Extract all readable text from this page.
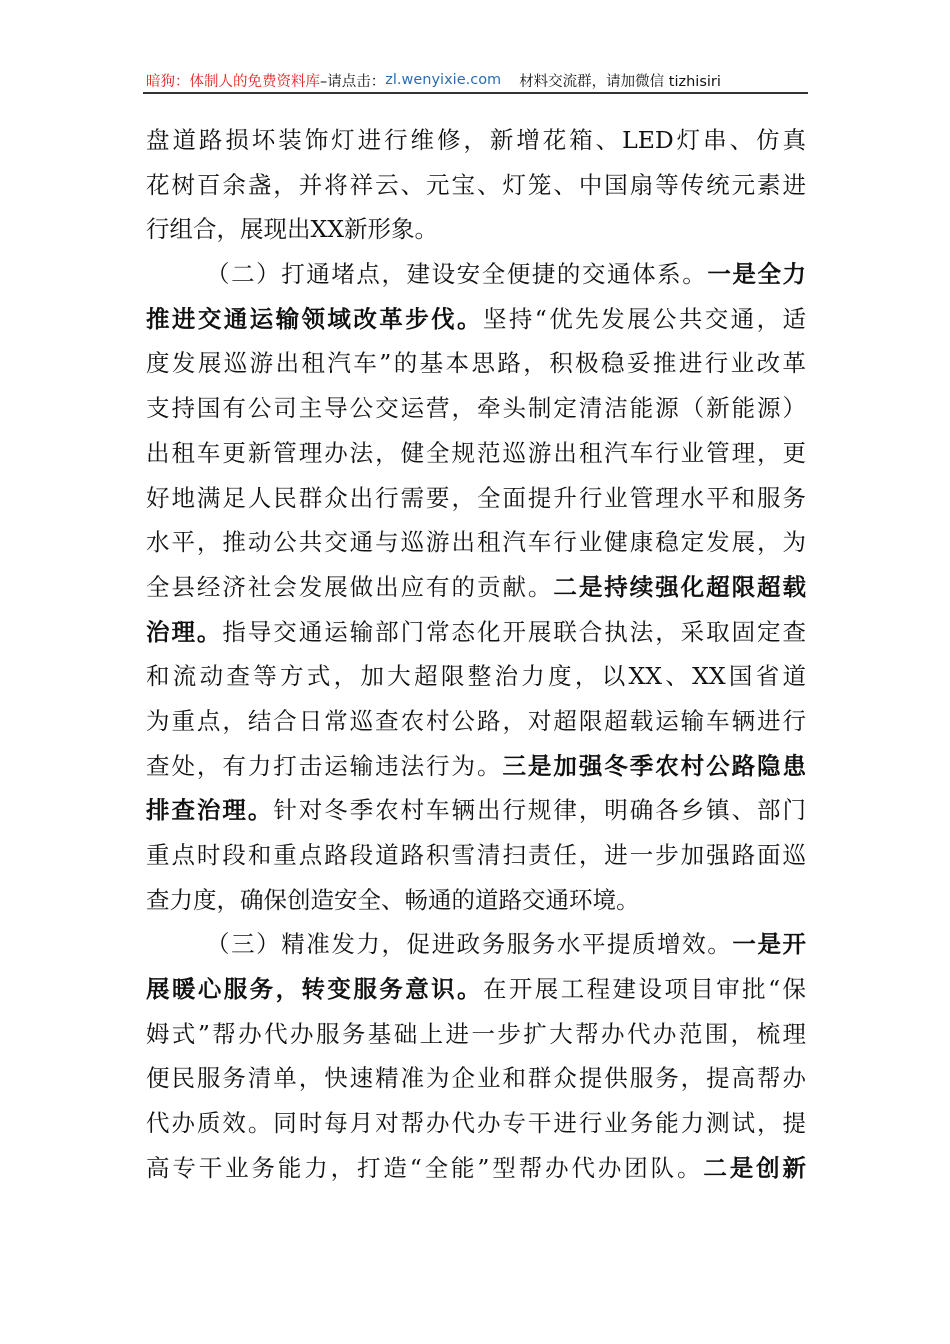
暗狗：体制人的免费资料库 –请点击： zl.wenyixie.com 材料交流群，请加微信 tizhisiri
盘道路损坏装饰灯进行维修，新增花箱、LED灯串、仿真
花树百余盏，并将祥云、元宝、灯笼、中国扇等传统元素进
行组合，展现出XX新形象。
（二）打通堵点，建设安全便捷的交通体系。一是全力
推进交通运输领域改革步伐。坚持“优先发展公共交通，适
度发展巡游出租汽车”的基本思路，积极稳妥推进行业改革
支持国有公司主导公交运营，牵头制定清洁能源（新能源）
出租车更新管理办法，健全规范巡游出租汽车行业管理，更
好地满足人民群众出行需要，全面提升行业管理水平和服务
水平，推动公共交通与巡游出租汽车行业健康稳定发展，为
全县经济社会发展做出应有的贡献。二是持续强化超限超载
治理。指导交通运输部门常态化开展联合执法，采取固定查
和流动查等方式，加大超限整治力度，以XX、XX国省道
为重点，结合日常巡查农村公路，对超限超载运输车辆进行
查处，有力打击运输违法行为。三是加强冬季农村公路隐患
排查治理。针对冬季农村车辆出行规律，明确各乡镇、部门
重点时段和重点路段道路积雪清扫责任，进一步加强路面巡
查力度，确保创造安全、畅通的道路交通环境。
（三）精准发力，促进政务服务水平提质增效。一是开
展暖心服务，转变服务意识。在开展工程建设项目审批“保
姆式”帮办代办服务基础上进一步扩大帮办代办范围，梳理
便民服务清单，快速精准为企业和群众提供服务，提高帮办
代办质效。同时每月对帮办代办专干进行业务能力测试，提
高专干业务能力，打造“全能”型帮办代办团队。二是创新
